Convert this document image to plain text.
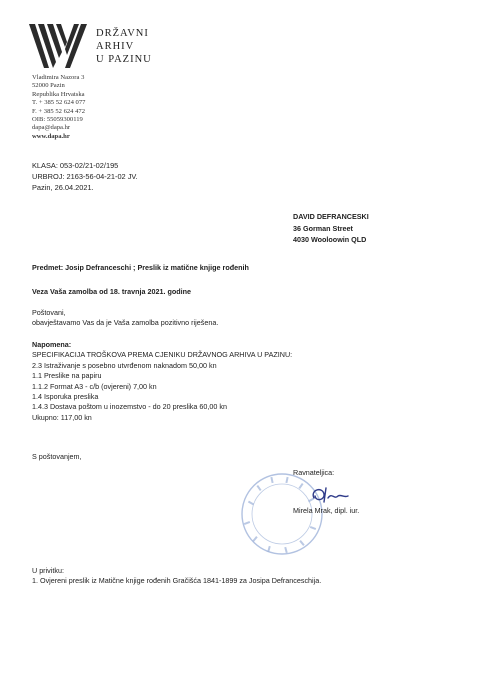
DRŽAVNI
ARHIV
U PAZINU
Vladimira Nazora 3
52000 Pazin
Republika Hrvatska
T. + 385 52 624 077
F. + 385 52 624 472
OIB: 55059300119
dapa@dapa.hr
www.dapa.hr
KLASA: 053-02/21-02/195
URBROJ: 2163-56-04-21-02 JV.
Pazin, 26.04.2021.
DAVID DEFRANCESKI
36 Gorman Street
4030 Wooloowin QLD
Predmet: Josip Defranceschi ; Preslik iz matične knjige rođenih
Veza Vaša zamolba od 18. travnja 2021. godine
Poštovani,
obavještavamo Vas da je Vaša zamolba pozitivno riješena.
Napomena:
SPECIFIKACIJA TROŠKOVA PREMA CJENIKU DRŽAVNOG ARHIVA U PAZINU:
2.3 Istraživanje s posebno utvrđenom naknadom 50,00 kn
1.1 Preslike na papiru
1.1.2 Format A3 - c/b (ovjereni) 7,00 kn
1.4 Isporuka preslika
1.4.3 Dostava poštom u inozemstvo - do 20 preslika 60,00 kn
Ukupno: 117,00 kn
S poštovanjem,
Ravnateljica:
Mirela Mrak, dipl. iur.
U privitku:
1. Ovjereni preslik iz Matične knjige rođenih Gračišća 1841-1899 za Josipa Defranceschija.
